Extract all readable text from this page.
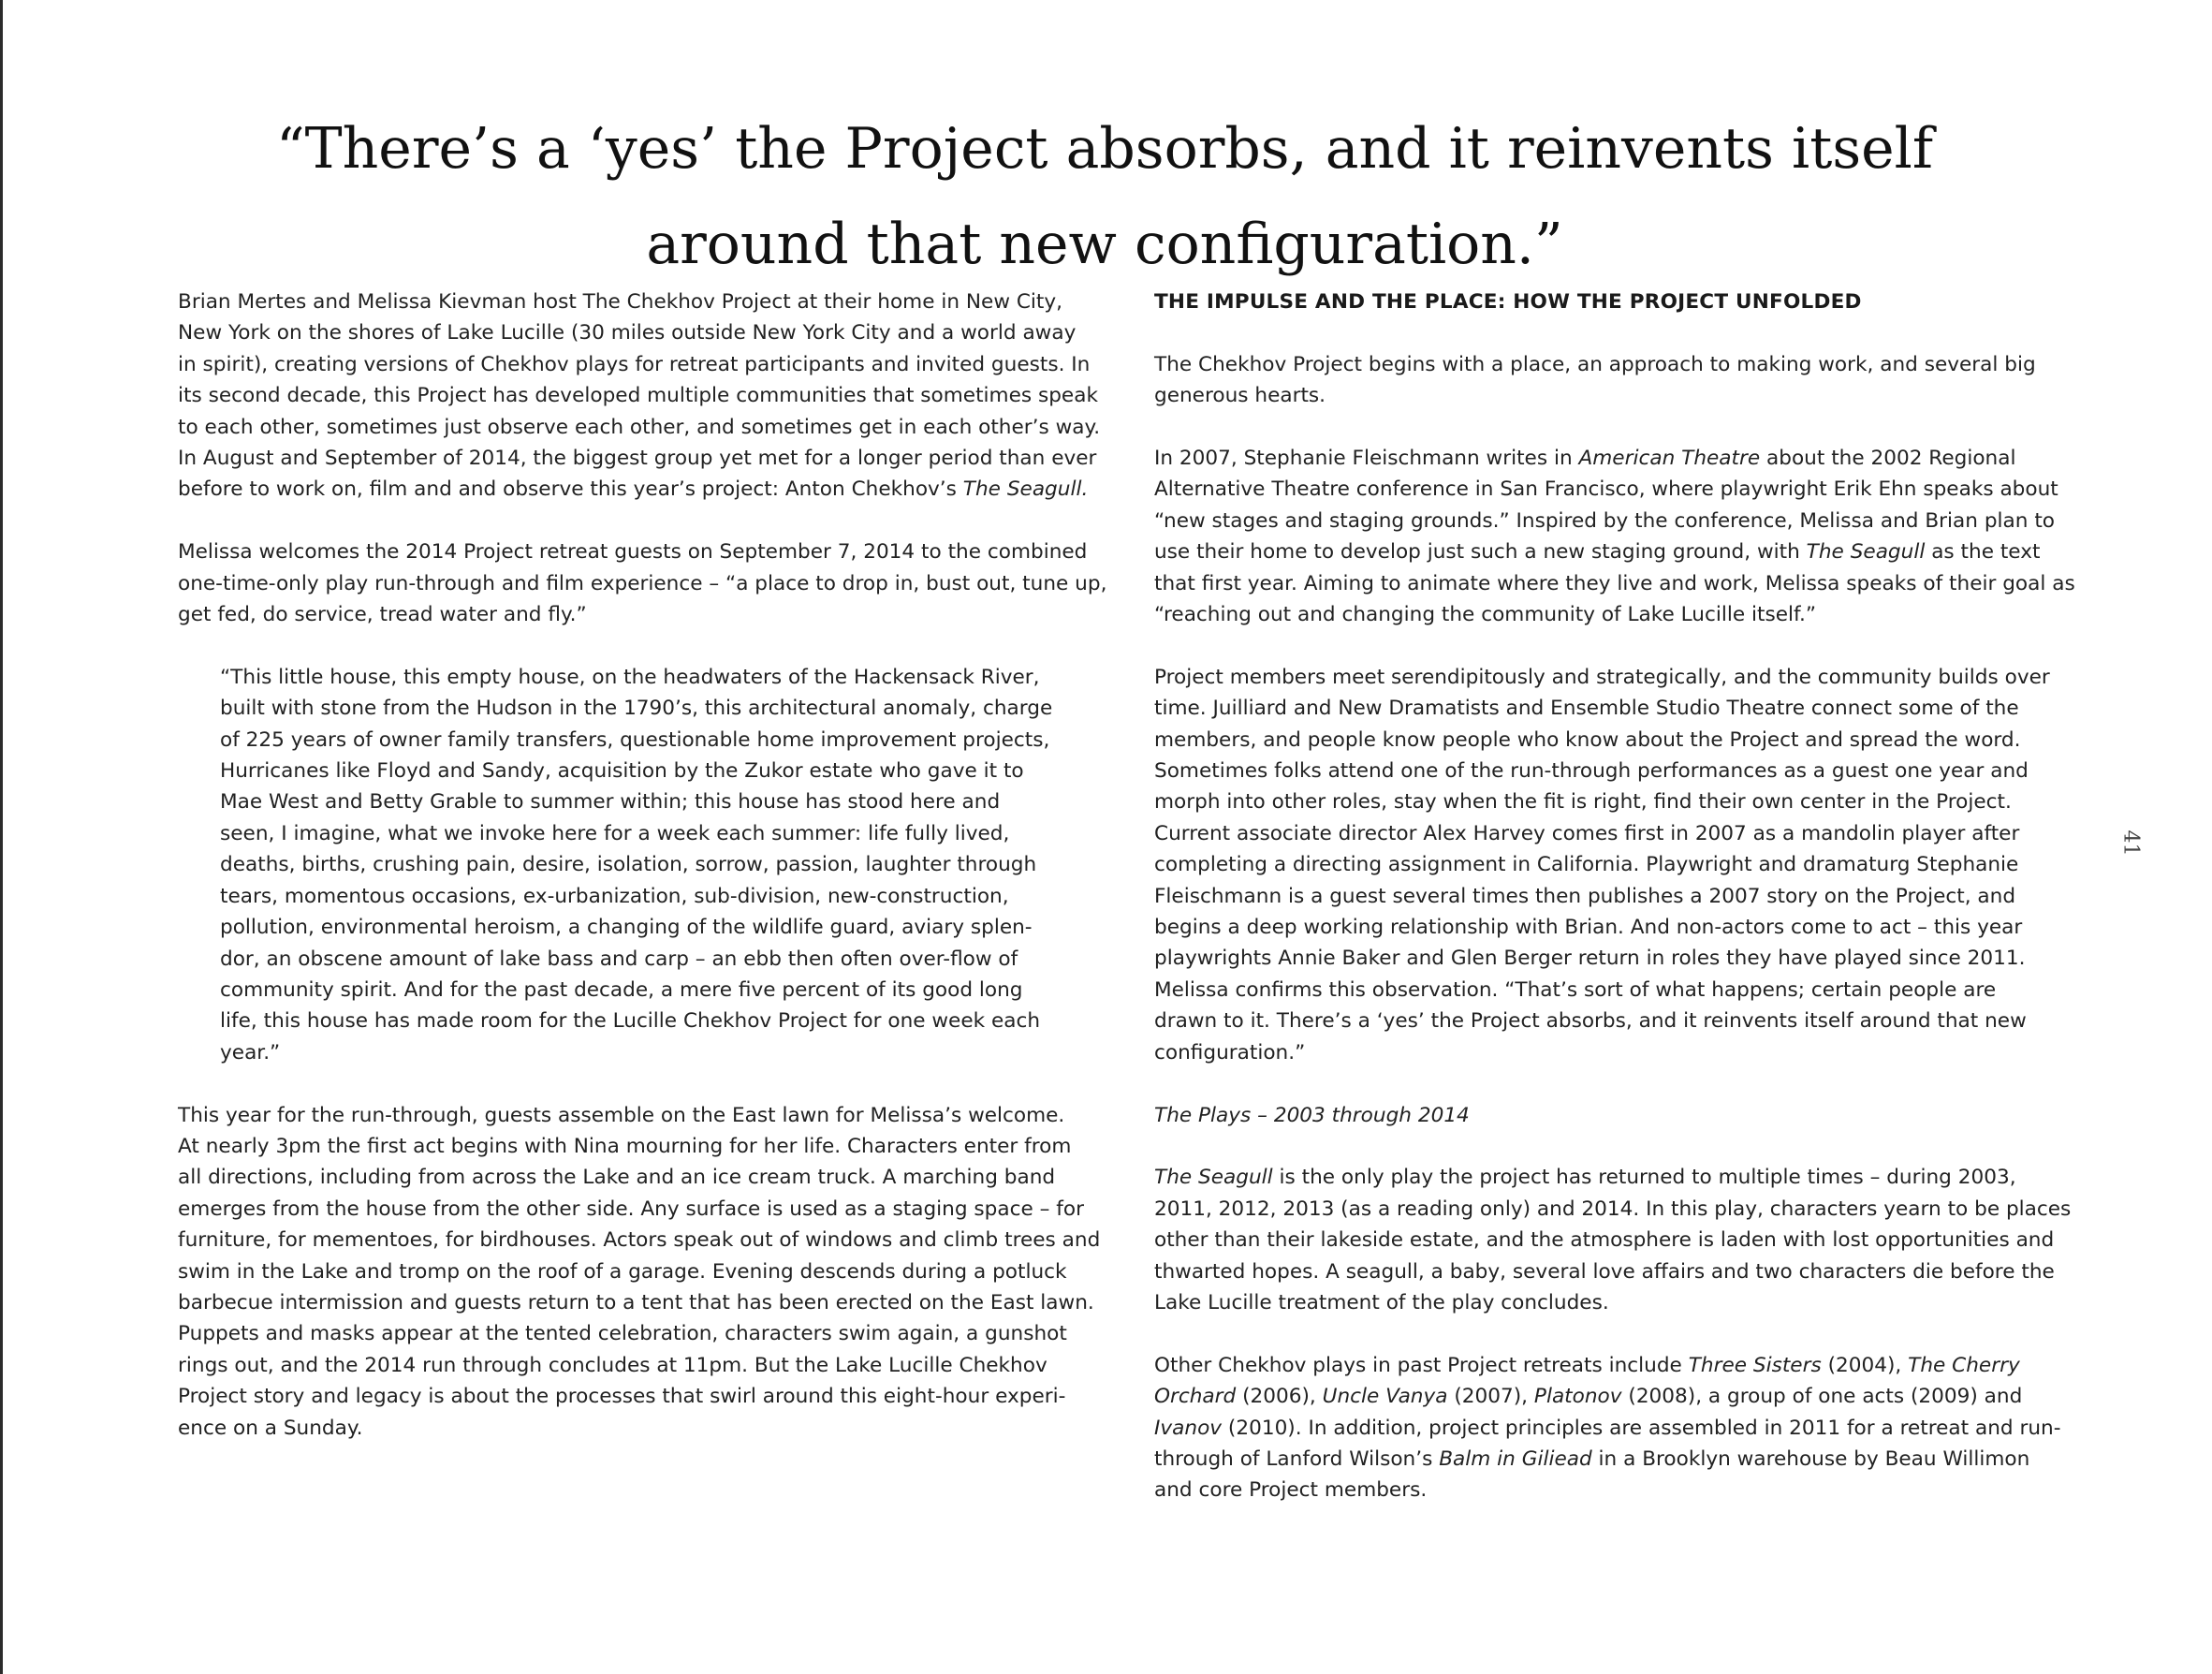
“There’s a ‘yes’ the Project absorbs, and it reinvents itself
around that new configuration.”
Brian Mertes and Melissa Kievman host The Chekhov Project at their home in New City,
New York on the shores of Lake Lucille (30 miles outside New York City and a world away
in spirit), creating versions of Chekhov plays for retreat participants and invited guests. In
its second decade, this Project has developed multiple communities that sometimes speak
to each other, sometimes just observe each other, and sometimes get in each other’s way.
In August and September of 2014, the biggest group yet met for a longer period than ever
before to work on, film and and observe this year’s project: Anton Chekhov’s The Seagull.
Melissa welcomes the 2014 Project retreat guests on September 7, 2014 to the combined
one-time-only play run-through and film experience – “a place to drop in, bust out, tune up,
get fed, do service, tread water and fly.”
“This little house, this empty house, on the headwaters of the Hackensack River,
built with stone from the Hudson in the 1790’s, this architectural anomaly, charge
of 225 years of owner family transfers, questionable home improvement projects,
Hurricanes like Floyd and Sandy, acquisition by the Zukor estate who gave it to
Mae West and Betty Grable to summer within; this house has stood here and
seen, I imagine, what we invoke here for a week each summer: life fully lived,
deaths, births, crushing pain, desire, isolation, sorrow, passion, laughter through
tears, momentous occasions, ex-urbanization, sub-division, new-construction,
pollution, environmental heroism, a changing of the wildlife guard, aviary splen-
dor, an obscene amount of lake bass and carp – an ebb then often over-flow of
community spirit. And for the past decade, a mere five percent of its good long
life, this house has made room for the Lucille Chekhov Project for one week each
year.”
This year for the run-through, guests assemble on the East lawn for Melissa’s welcome.
At nearly 3pm the first act begins with Nina mourning for her life. Characters enter from
all directions, including from across the Lake and an ice cream truck. A marching band
emerges from the house from the other side. Any surface is used as a staging space – for
furniture, for mementoes, for birdhouses. Actors speak out of windows and climb trees and
swim in the Lake and tromp on the roof of a garage. Evening descends during a potluck
barbecue intermission and guests return to a tent that has been erected on the East lawn.
Puppets and masks appear at the tented celebration, characters swim again, a gunshot
rings out, and the 2014 run through concludes at 11pm. But the Lake Lucille Chekhov
Project story and legacy is about the processes that swirl around this eight-hour experi-
ence on a Sunday.
THE IMPULSE AND THE PLACE: HOW THE PROJECT UNFOLDED
The Chekhov Project begins with a place, an approach to making work, and several big
generous hearts.
In 2007, Stephanie Fleischmann writes in American Theatre about the 2002 Regional
Alternative Theatre conference in San Francisco, where playwright Erik Ehn speaks about
“new stages and staging grounds.” Inspired by the conference, Melissa and Brian plan to
use their home to develop just such a new staging ground, with The Seagull as the text
that first year. Aiming to animate where they live and work, Melissa speaks of their goal as
“reaching out and changing the community of Lake Lucille itself.”
Project members meet serendipitously and strategically, and the community builds over
time. Juilliard and New Dramatists and Ensemble Studio Theatre connect some of the
members, and people know people who know about the Project and spread the word.
Sometimes folks attend one of the run-through performances as a guest one year and
morph into other roles, stay when the fit is right, find their own center in the Project.
Current associate director Alex Harvey comes first in 2007 as a mandolin player after
completing a directing assignment in California. Playwright and dramaturg Stephanie
Fleischmann is a guest several times then publishes a 2007 story on the Project, and
begins a deep working relationship with Brian. And non-actors come to act – this year
playwrights Annie Baker and Glen Berger return in roles they have played since 2011.
Melissa confirms this observation. “That’s sort of what happens; certain people are
drawn to it. There’s a ‘yes’ the Project absorbs, and it reinvents itself around that new
configuration.”
The Plays – 2003 through 2014
The Seagull is the only play the project has returned to multiple times – during 2003,
2011, 2012, 2013 (as a reading only) and 2014. In this play, characters yearn to be places
other than their lakeside estate, and the atmosphere is laden with lost opportunities and
thwarted hopes. A seagull, a baby, several love affairs and two characters die before the
Lake Lucille treatment of the play concludes.
Other Chekhov plays in past Project retreats include Three Sisters (2004), The Cherry
Orchard (2006), Uncle Vanya (2007), Platonov (2008), a group of one acts (2009) and
Ivanov (2010). In addition, project principles are assembled in 2011 for a retreat and run-
through of Lanford Wilson’s Balm in Giliead in a Brooklyn warehouse by Beau Willimon
and core Project members.
41
